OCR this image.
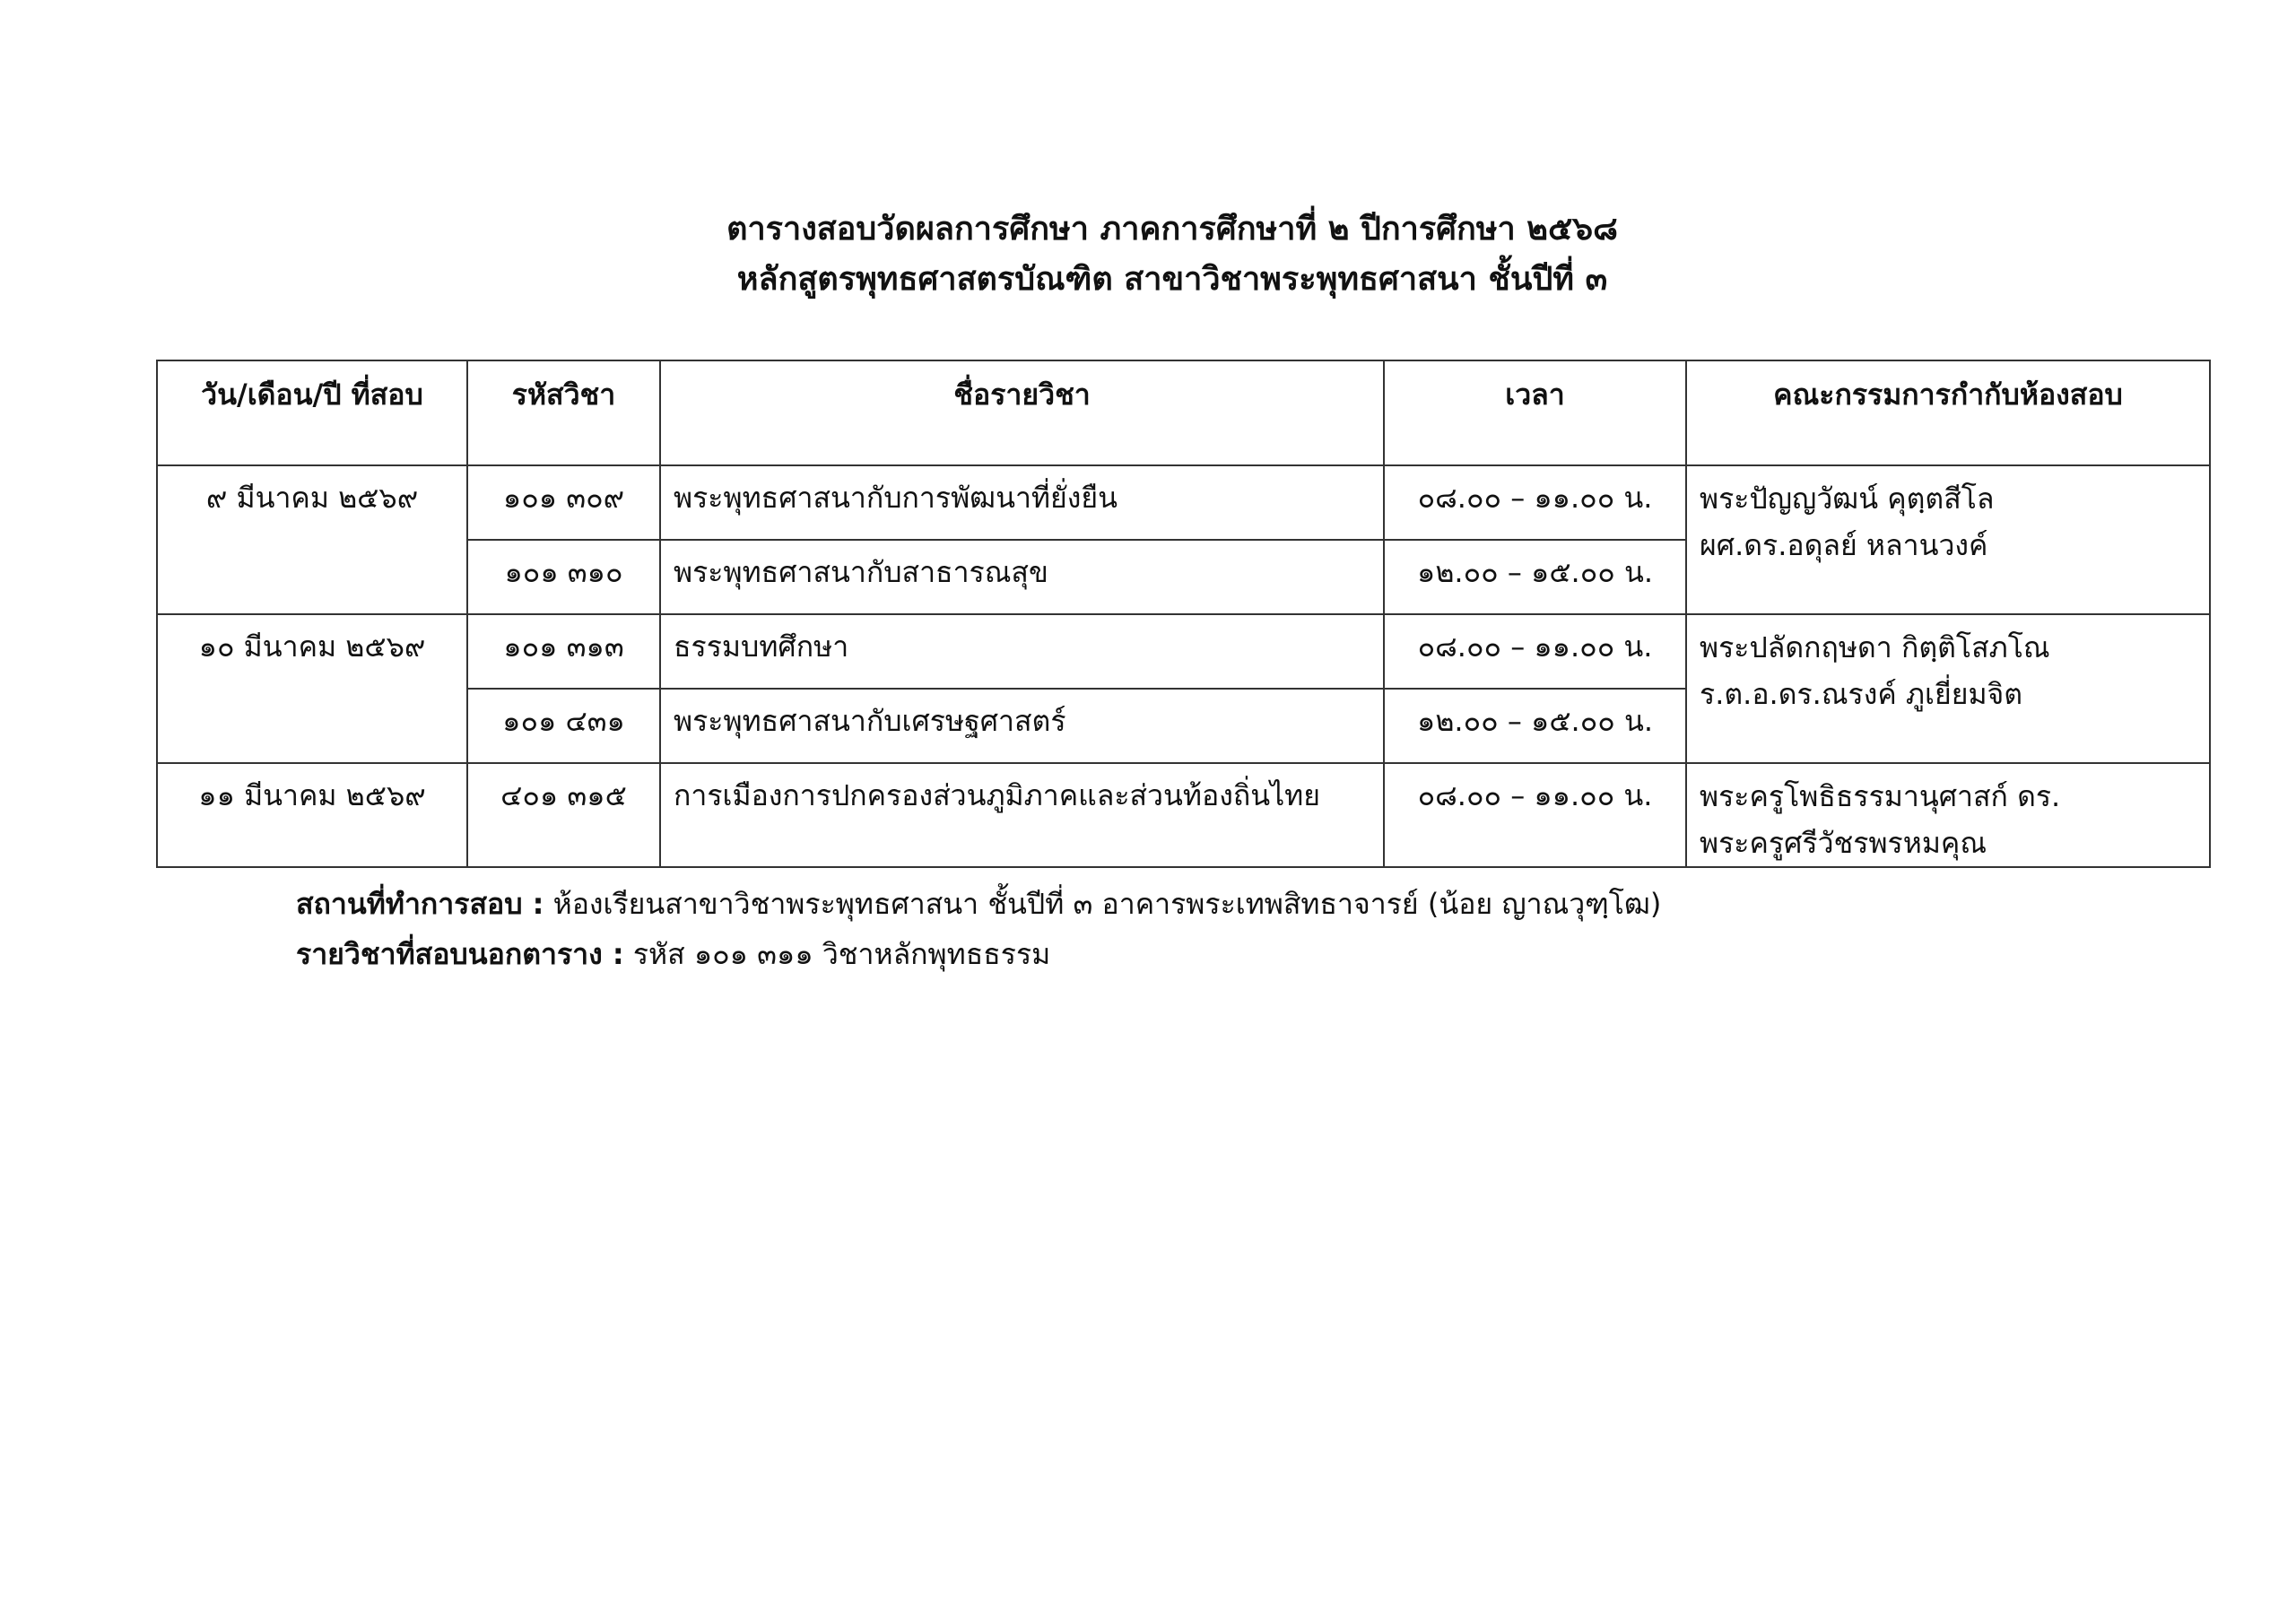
ตารางสอบวัดผลการศึกษา ภาคการศึกษาที่ ๒ ปีการศึกษา ๒๕๖๘
หลักสูตรพุทธศาสตรบัณฑิต สาขาวิชาพระพุทธศาสนา ชั้นปีที่ ๓
วัน/เดือน/ปี ที่สอบ	รหัสวิชา	ชื่อรายวิชา	เวลา	คณะกรรมการกำกับห้องสอบ
๙ มีนาคม ๒๕๖๙	๑๐๑ ๓๐๙	พระพุทธศาสนากับการพัฒนาที่ยั่งยืน	๐๘.๐๐ – ๑๑.๐๐ น.	พระปัญญวัฒน์ คุตฺตสีโล
ผศ.ดร.อดุลย์ หลานวงค์

	๑๐๑ ๓๑๐	พระพุทธศาสนากับสาธารณสุข	๑๒.๐๐ – ๑๕.๐๐ น.	
๑๐ มีนาคม ๒๕๖๙	๑๐๑ ๓๑๓	ธรรมบทศึกษา	๐๘.๐๐ – ๑๑.๐๐ น.	พระปลัดกฤษดา กิตฺติโสภโณ
ร.ต.อ.ดร.ณรงค์ ภูเยี่ยมจิต

	๑๐๑ ๔๓๑	พระพุทธศาสนากับเศรษฐศาสตร์	๑๒.๐๐ – ๑๕.๐๐ น.	
๑๑ มีนาคม ๒๕๖๙	๔๐๑ ๓๑๕	การเมืองการปกครองส่วนภูมิภาคและส่วนท้องถิ่นไทย	๐๘.๐๐ – ๑๑.๐๐ น.	พระครูโพธิธรรมานุศาสก์ ดร.
พระครูศรีวัชรพรหมคุณ
สถานที่ทำการสอบ : ห้องเรียนสาขาวิชาพระพุทธศาสนา ชั้นปีที่ ๓ อาคารพระเทพสิทธาจารย์ (น้อย ญาณวุฑฺโฒ)
รายวิชาที่สอบนอกตาราง : รหัส ๑๐๑ ๓๑๑ วิชาหลักพุทธธรรม
